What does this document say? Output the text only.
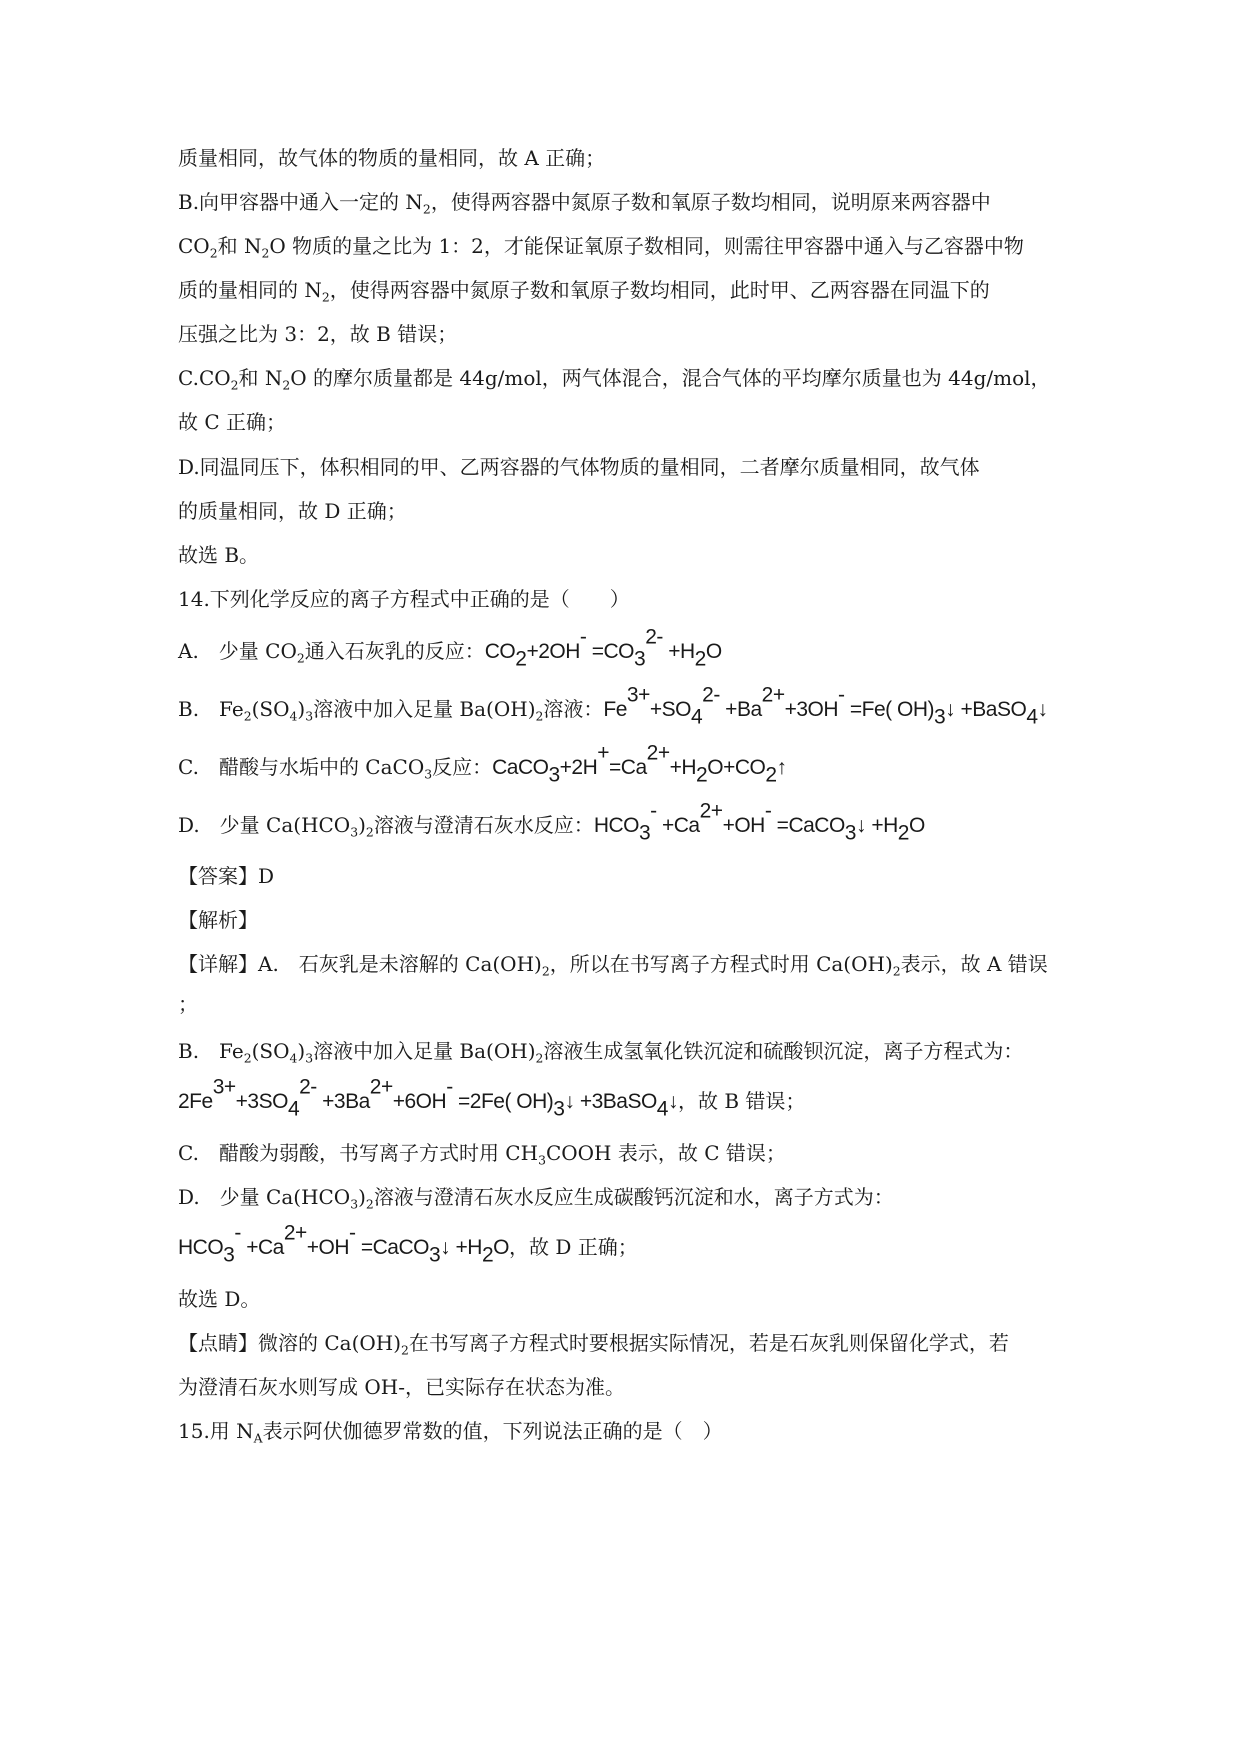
质量相同，故气体的物质的量相同，故 A 正确；
B.向甲容器中通入一定的 $N_2$，使得两容器中氮原子数和氧原子数均相同，说明原来两容器中
$CO_2$和 $N_2O$ 物质的量之比为 1：2，才能保证氧原子数相同，则需往甲容器中通入与乙容器中物
质的量相同的 $N_2$，使得两容器中氮原子数和氧原子数均相同，此时甲、乙两容器在同温下的
压强之比为 3：2，故 B 错误；
$C.CO_2$和 $N_2O$ 的摩尔质量都是 44g/mol，两气体混合，混合气体的平均摩尔质量也为 44g/mol，
故 C 正确；
D.同温同压下，体积相同的甲、乙两容器的气体物质的量相同，二者摩尔质量相同，故气体
的质量相同，故 D 正确；
故选 B。
14.下列化学反应的离子方程式中正确的是（　　）
A.　少量 $CO_2$通入石灰乳的反应：$CO_2+2OH^- =CO_3^{2-} +H_2O$
B.　$Fe_2(SO_4)_3$溶液中加入足量 $Ba(OH)_2$溶液：$Fe^{3+}+SO_4^{2-} +Ba^{2+}+3OH^- =Fe$( $OH)_3↓$ +BaSO$_4$↓
C.　醋酸与水垢中的 CaCO$_3$反应：$CaCO_3+2H^+=Ca^{2+}+H_2O+CO_2↑$
D.　少量 $Ca(HCO_3)_2$溶液与澄清石灰水反应：$HCO_3^- +Ca^{2+}+OH^-$ =CaCO$_3$↓ $+H_2O$
【答案】D
【解析】
【详解】A.　石灰乳是未溶解的 $Ca(OH)_2$，所以在书写离子方程式时用 $Ca(OH)_2$表示，故 A 错误
；
B.　$Fe_2(SO_4)_3$溶液中加入足量 $Ba(OH)_2$溶液生成氢氧化铁沉淀和硫酸钡沉淀，离子方程式为：
$2Fe^{3+}+3SO_4^{2-} +3Ba^{2+}+6OH^- =2Fe$( $OH)_3↓$ +3BaSO$_4$↓，故 B 错误；
C.　醋酸为弱酸，书写离子方式时用 $CH_3COOH$ 表示，故 C 错误；
D.　少量 $Ca(HCO_3)_2$溶液与澄清石灰水反应生成碳酸钙沉淀和水，离子方式为：
$HCO_3^- +Ca^{2+}+OH^-$ =CaCO$_3$↓ $+H_2O$，故 D 正确；
故选 D。
【点睛】微溶的 $Ca(OH)_2$在书写离子方程式时要根据实际情况，若是石灰乳则保留化学式，若
为澄清石灰水则写成 OH-，已实际存在状态为准。
15.用 $N_A$表示阿伏伽德罗常数的值，下列说法正确的是（　）
